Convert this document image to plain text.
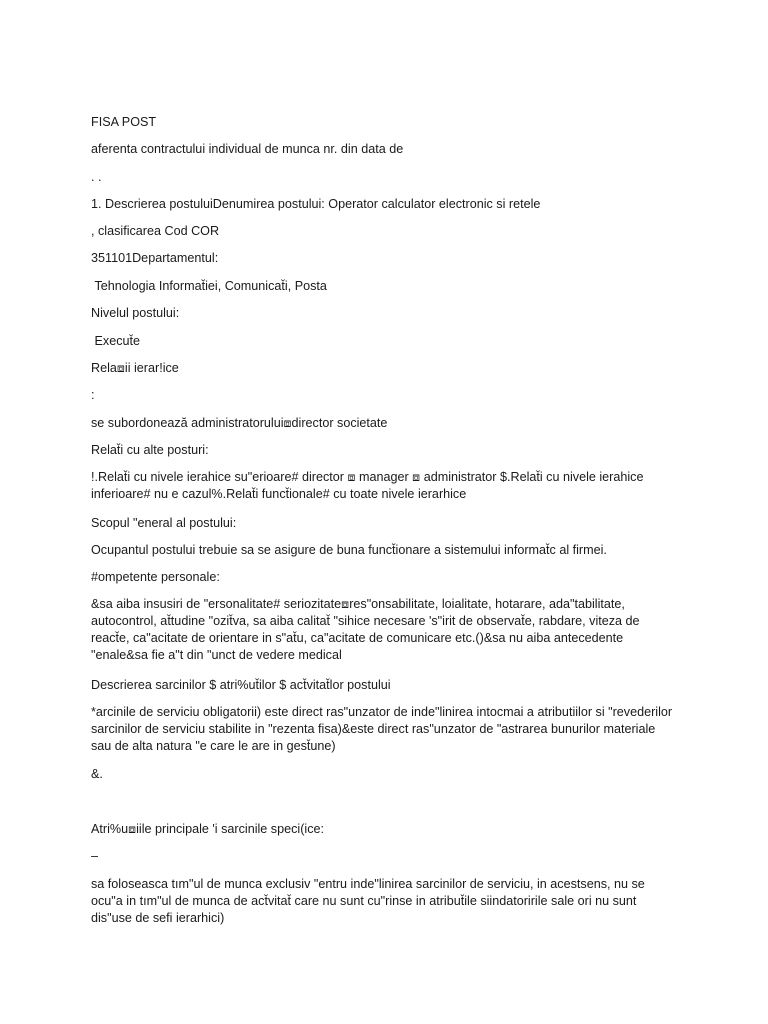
FISA POST

aferenta contractului individual de munca nr. din data de

. .

1. Descrierea postuluiDenumirea postului: Operator calculator electronic si retele

, clasificarea Cod COR

351101Departamentul:

Tehnologia Informat̆iei, Comunicat̆i, Posta

Nivelul postului:

Execut̆e

Rela⧈ii ierar!ice

:

se subordonează administratorului⧈director societate

Relat̆i cu alte posturi:

!.Relat̆i cu nivele ierahice su"erioare# director ⧈ manager ⧈ administrator $.Relat̆i cu nivele ierahice inferioare# nu e cazul%.Relat̆i funct̆ionale# cu toate nivele ierarhice

Scopul "eneral al postului:

Ocupantul postului trebuie sa se asigure de buna funct̆ionare a sistemului informat̆c al firmei.

#ompetente personale:

&sa aiba insusiri de "ersonalitate# seriozitate⧈res"onsabilitate, loialitate, hotarare, ada"tabilitate, autocontrol, at̆tudine "ozit̆va, sa aiba calitat̆ "sihice necesare 's"irit de observat̆e, rabdare, viteza de react̆e, ca"acitate de orientare in s"at̆u, ca"acitate de comunicare etc.()&sa nu aiba antecedente "enale&sa fie a"t din "unct de vedere medical

Descrierea sarcinilor $ atri%ut̆ilor $ act̆vitat̆lor postului

*arcinile de serviciu obligatorii) este direct ras"unzator de inde"linirea intocmai a atributiilor si "revederilor sarcinilor de serviciu stabilite in "rezenta fisa)&este direct ras"unzator de "astrarea bunurilor materiale sau de alta natura "e care le are in gest̆une)

&.

Atri%u⧈iile principale 'i sarcinile speci(ice:

–

sa foloseasca tım"ul de munca exclusiv "entru inde"linirea sarcinilor de serviciu, in acestsens, nu se ocu"a in tım"ul de munca de act̆vitat̆ care nu sunt cu"rinse in atribut̆ile siindatoririle sale ori nu sunt dis"use de sefi ierarhici)
